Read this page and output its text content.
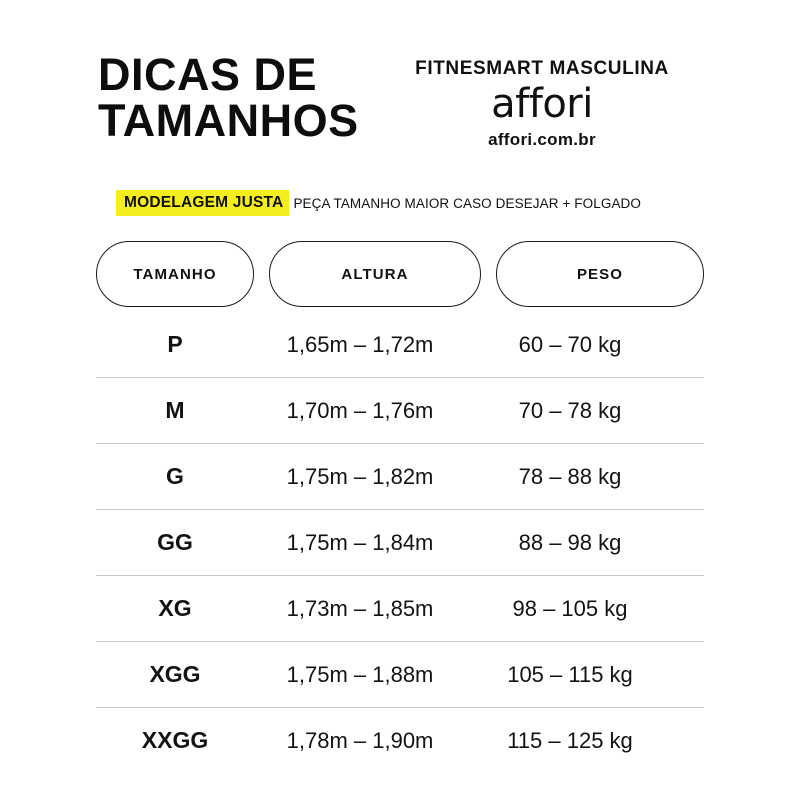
DICAS DE
TAMANHOS
FITNESMART MASCULINA
affori
affori.com.br
MODELAGEM JUSTA PEÇA TAMANHO MAIOR CASO DESEJAR + FOLGADO
TAMANHO	ALTURA	PESO
P	1,65m – 1,72m	60 – 70 kg
M	1,70m – 1,76m	70 – 78 kg
G	1,75m – 1,82m	78 – 88 kg
GG	1,75m – 1,84m	88 – 98 kg
XG	1,73m – 1,85m	98 – 105 kg
XGG	1,75m – 1,88m	105 – 115 kg
XXGG	1,78m – 1,90m	115 – 125 kg
